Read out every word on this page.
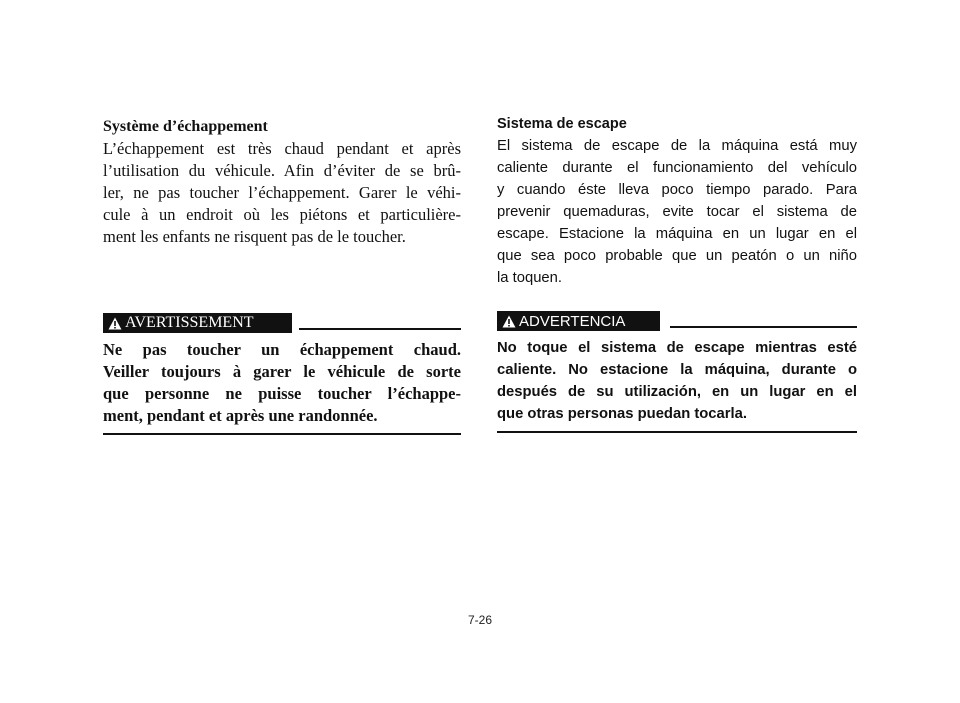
Système d’échappement
L’échappement est très chaud pendant et après
l’utilisation du véhicule. Afin d’éviter de se brû-
ler, ne pas toucher l’échappement. Garer le véhi-
cule à un endroit où les piétons et particulière-
ment les enfants ne risquent pas de le toucher.
AVERTISSEMENT
Ne pas toucher un échappement chaud.
Veiller toujours à garer le véhicule de sorte
que personne ne puisse toucher l’échappe-
ment, pendant et après une randonnée.
Sistema de escape
El sistema de escape de la máquina está muy
caliente durante el funcionamiento del vehículo
y cuando éste lleva poco tiempo parado. Para
prevenir quemaduras, evite tocar el sistema de
escape. Estacione la máquina en un lugar en el
que sea poco probable que un peatón o un niño
la toquen.
ADVERTENCIA
No toque el sistema de escape mientras esté
caliente. No estacione la máquina, durante o
después de su utilización, en un lugar en el
que otras personas puedan tocarla.
7-26
